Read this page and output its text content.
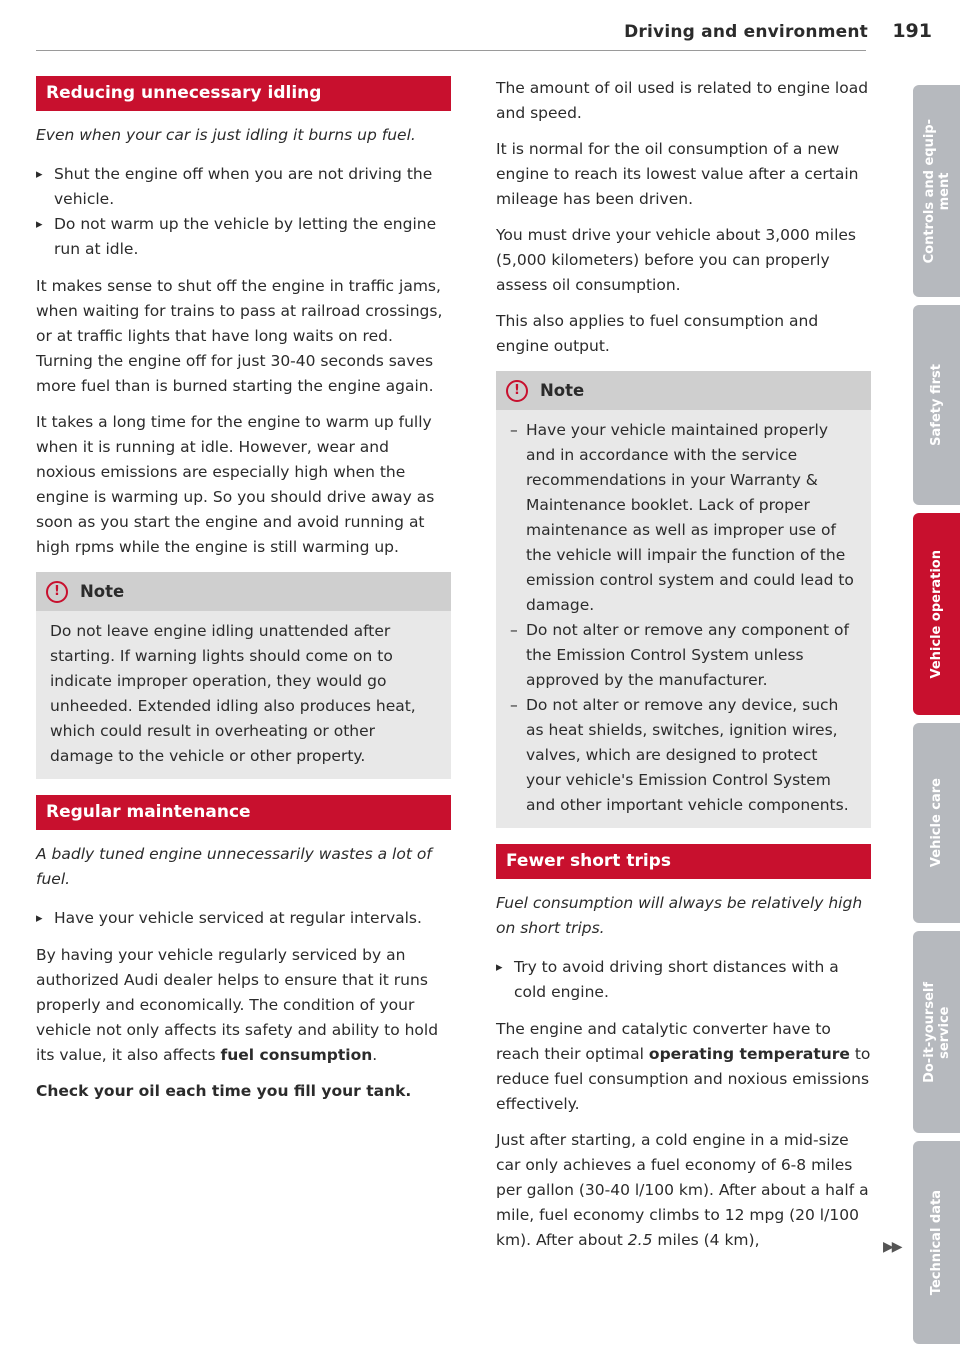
Driving and environment 191
Reducing unnecessary idling

Even when your car is just idling it burns up fuel.

▸ Shut the engine off when you are not driving the vehicle.

▸ Do not warm up the vehicle by letting the engine run at idle.

It makes sense to shut off the engine in traffic jams, when waiting for trains to pass at railroad crossings, or at traffic lights that have long waits on red. Turning the engine off for just 30-40 seconds saves more fuel than is burned starting the engine again.

It takes a long time for the engine to warm up fully when it is running at idle. However, wear and noxious emissions are especially high when the engine is warming up. So you should drive away as soon as you start the engine and avoid running at high rpms while the engine is still warming up.

!	Note
Do not leave engine idling unattended after starting. If warning lights should come on to indicate improper operation, they would go unheeded. Extended idling also produces heat, which could result in overheating or other damage to the vehicle or other property.
Regular maintenance

A badly tuned engine unnecessarily wastes a lot of fuel.

▸ Have your vehicle serviced at regular intervals.

By having your vehicle regularly serviced by an authorized Audi dealer helps to ensure that it runs properly and economically. The condition of your vehicle not only affects its safety and ability to hold its value, it also affects fuel consumption.

Check your oil each time you fill your tank.

The amount of oil used is related to engine load and speed.

It is normal for the oil consumption of a new engine to reach its lowest value after a certain mileage has been driven.

You must drive your vehicle about 3,000 miles (5,000 kilometers) before you can properly assess oil consumption.

This also applies to fuel consumption and engine output.

!	Note
– Have your vehicle maintained properly and in accordance with the service recommendations in your Warranty & Maintenance booklet. Lack of proper maintenance as well as improper use of the vehicle will impair the function of the emission control system and could lead to damage.
– Do not alter or remove any component of the Emission Control System unless approved by the manufacturer.
– Do not alter or remove any device, such as heat shields, switches, ignition wires, valves, which are designed to protect your vehicle's Emission Control System and other important vehicle components.
Fewer short trips

Fuel consumption will always be relatively high on short trips.

▸ Try to avoid driving short distances with a cold engine.

The engine and catalytic converter have to reach their optimal operating temperature to reduce fuel consumption and noxious emissions effectively.

Just after starting, a cold engine in a mid-size car only achieves a fuel economy of 6-8 miles per gallon (30-40 l/100 km). After about a half a mile, fuel economy climbs to 12 mpg (20 l/100 km). After about 2.5 miles (4 km),	▶▶
Controls and equip-
ment
Safety first
Vehicle operation
Vehicle care
Do-it-yourself
service
Technical data
